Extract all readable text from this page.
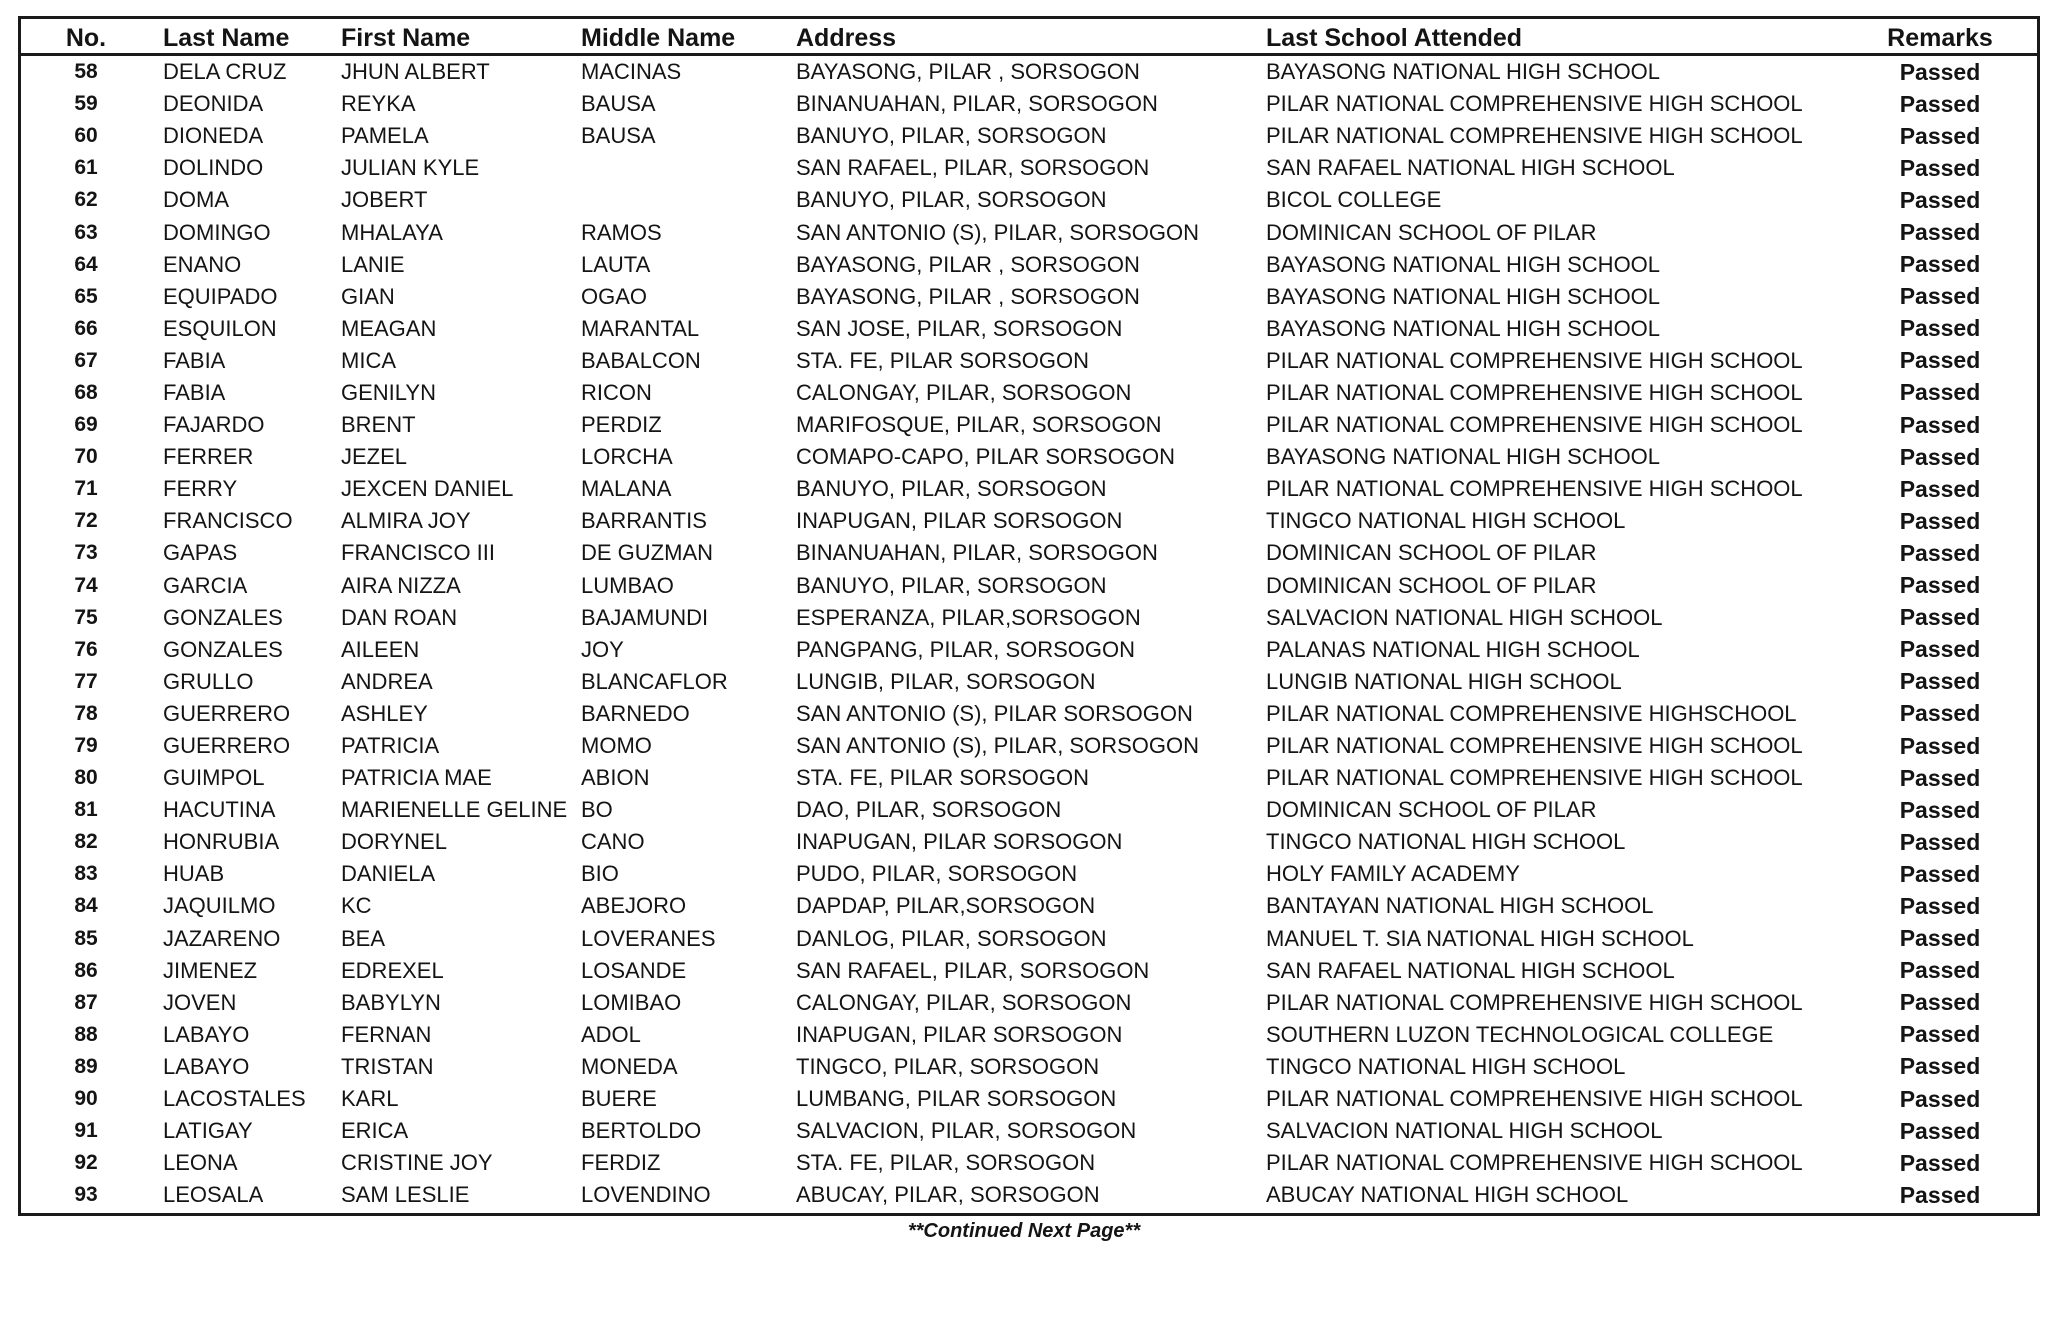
No.	Last Name	First Name	Middle Name	Address	Last School Attended	Remarks
58	DELA CRUZ	JHUN ALBERT	MACINAS	BAYASONG, PILAR , SORSOGON	BAYASONG NATIONAL HIGH SCHOOL	Passed
59	DEONIDA	REYKA	BAUSA	BINANUAHAN, PILAR, SORSOGON	PILAR NATIONAL COMPREHENSIVE HIGH SCHOOL	Passed
60	DIONEDA	PAMELA	BAUSA	BANUYO, PILAR, SORSOGON	PILAR NATIONAL COMPREHENSIVE HIGH SCHOOL	Passed
61	DOLINDO	JULIAN KYLE		SAN RAFAEL, PILAR, SORSOGON	SAN RAFAEL NATIONAL HIGH SCHOOL	Passed
62	DOMA	JOBERT		BANUYO, PILAR, SORSOGON	BICOL COLLEGE	Passed
63	DOMINGO	MHALAYA	RAMOS	SAN ANTONIO (S), PILAR, SORSOGON	DOMINICAN SCHOOL OF PILAR	Passed
64	ENANO	LANIE	LAUTA	BAYASONG, PILAR , SORSOGON	BAYASONG NATIONAL HIGH SCHOOL	Passed
65	EQUIPADO	GIAN	OGAO	BAYASONG, PILAR , SORSOGON	BAYASONG NATIONAL HIGH SCHOOL	Passed
66	ESQUILON	MEAGAN	MARANTAL	SAN JOSE, PILAR, SORSOGON	BAYASONG NATIONAL HIGH SCHOOL	Passed
67	FABIA	MICA	BABALCON	STA. FE, PILAR SORSOGON	PILAR NATIONAL COMPREHENSIVE HIGH SCHOOL	Passed
68	FABIA	GENILYN	RICON	CALONGAY, PILAR, SORSOGON	PILAR NATIONAL COMPREHENSIVE HIGH SCHOOL	Passed
69	FAJARDO	BRENT	PERDIZ	MARIFOSQUE, PILAR, SORSOGON	PILAR NATIONAL COMPREHENSIVE HIGH SCHOOL	Passed
70	FERRER	JEZEL	LORCHA	COMAPO-CAPO, PILAR SORSOGON	BAYASONG NATIONAL HIGH SCHOOL	Passed
71	FERRY	JEXCEN DANIEL	MALANA	BANUYO, PILAR, SORSOGON	PILAR NATIONAL COMPREHENSIVE HIGH SCHOOL	Passed
72	FRANCISCO	ALMIRA JOY	BARRANTIS	INAPUGAN, PILAR SORSOGON	TINGCO NATIONAL HIGH SCHOOL	Passed
73	GAPAS	FRANCISCO III	DE GUZMAN	BINANUAHAN, PILAR, SORSOGON	DOMINICAN SCHOOL OF PILAR	Passed
74	GARCIA	AIRA NIZZA	LUMBAO	BANUYO, PILAR, SORSOGON	DOMINICAN SCHOOL OF PILAR	Passed
75	GONZALES	DAN ROAN	BAJAMUNDI	ESPERANZA, PILAR,SORSOGON	SALVACION NATIONAL HIGH SCHOOL	Passed
76	GONZALES	AILEEN	JOY	PANGPANG, PILAR, SORSOGON	PALANAS NATIONAL HIGH SCHOOL	Passed
77	GRULLO	ANDREA	BLANCAFLOR	LUNGIB, PILAR, SORSOGON	LUNGIB NATIONAL HIGH SCHOOL	Passed
78	GUERRERO	ASHLEY	BARNEDO	SAN ANTONIO (S), PILAR SORSOGON	PILAR NATIONAL COMPREHENSIVE HIGHSCHOOL	Passed
79	GUERRERO	PATRICIA	MOMO	SAN ANTONIO (S), PILAR, SORSOGON	PILAR NATIONAL COMPREHENSIVE HIGH SCHOOL	Passed
80	GUIMPOL	PATRICIA MAE	ABION	STA. FE, PILAR SORSOGON	PILAR NATIONAL COMPREHENSIVE HIGH SCHOOL	Passed
81	HACUTINA	MARIENELLE GELINE	BO	DAO, PILAR, SORSOGON	DOMINICAN SCHOOL OF PILAR	Passed
82	HONRUBIA	DORYNEL	CANO	INAPUGAN, PILAR SORSOGON	TINGCO NATIONAL HIGH SCHOOL	Passed
83	HUAB	DANIELA	BIO	PUDO, PILAR, SORSOGON	HOLY FAMILY ACADEMY	Passed
84	JAQUILMO	KC	ABEJORO	DAPDAP, PILAR,SORSOGON	BANTAYAN NATIONAL HIGH SCHOOL	Passed
85	JAZARENO	BEA	LOVERANES	DANLOG, PILAR, SORSOGON	MANUEL T. SIA NATIONAL HIGH SCHOOL	Passed
86	JIMENEZ	EDREXEL	LOSANDE	SAN RAFAEL, PILAR, SORSOGON	SAN RAFAEL NATIONAL HIGH SCHOOL	Passed
87	JOVEN	BABYLYN	LOMIBAO	CALONGAY, PILAR, SORSOGON	PILAR NATIONAL COMPREHENSIVE HIGH SCHOOL	Passed
88	LABAYO	FERNAN	ADOL	INAPUGAN, PILAR SORSOGON	SOUTHERN LUZON TECHNOLOGICAL COLLEGE	Passed
89	LABAYO	TRISTAN	MONEDA	TINGCO, PILAR, SORSOGON	TINGCO NATIONAL HIGH SCHOOL	Passed
90	LACOSTALES	KARL	BUERE	LUMBANG, PILAR SORSOGON	PILAR NATIONAL COMPREHENSIVE HIGH SCHOOL	Passed
91	LATIGAY	ERICA	BERTOLDO	SALVACION, PILAR, SORSOGON	SALVACION NATIONAL HIGH SCHOOL	Passed
92	LEONA	CRISTINE JOY	FERDIZ	STA. FE, PILAR, SORSOGON	PILAR NATIONAL COMPREHENSIVE HIGH SCHOOL	Passed
93	LEOSALA	SAM LESLIE	LOVENDINO	ABUCAY, PILAR, SORSOGON	ABUCAY NATIONAL HIGH SCHOOL	Passed
**Continued Next Page**
